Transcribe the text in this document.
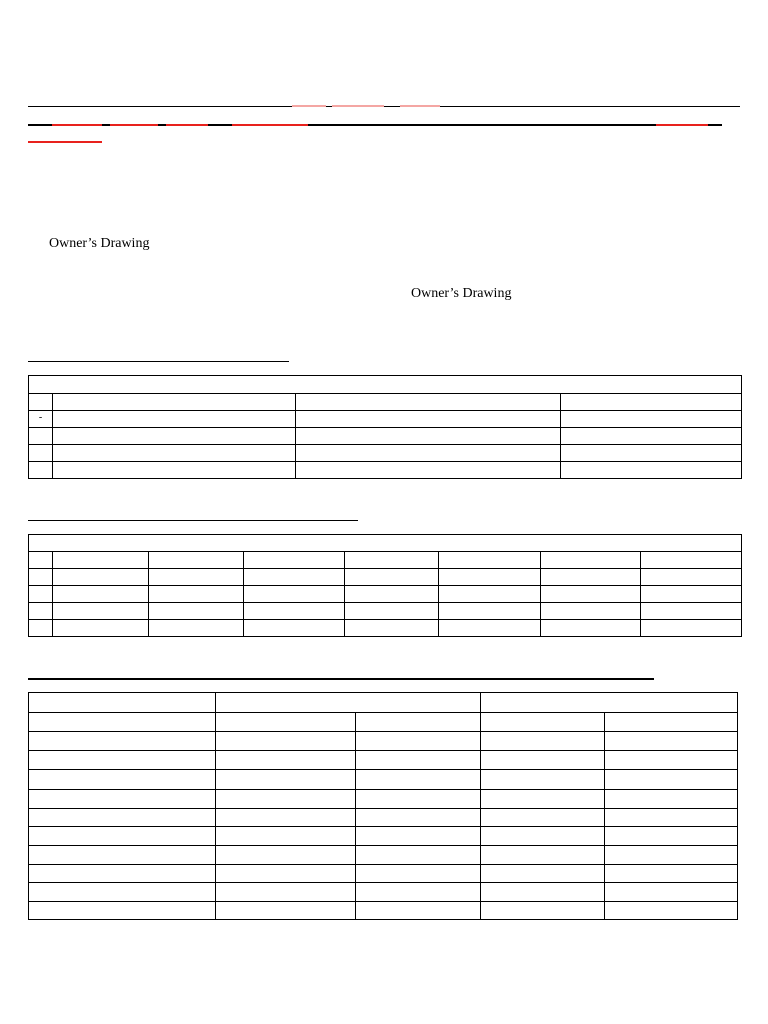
Owner’s Drawing
Owner’s Drawing

-			
